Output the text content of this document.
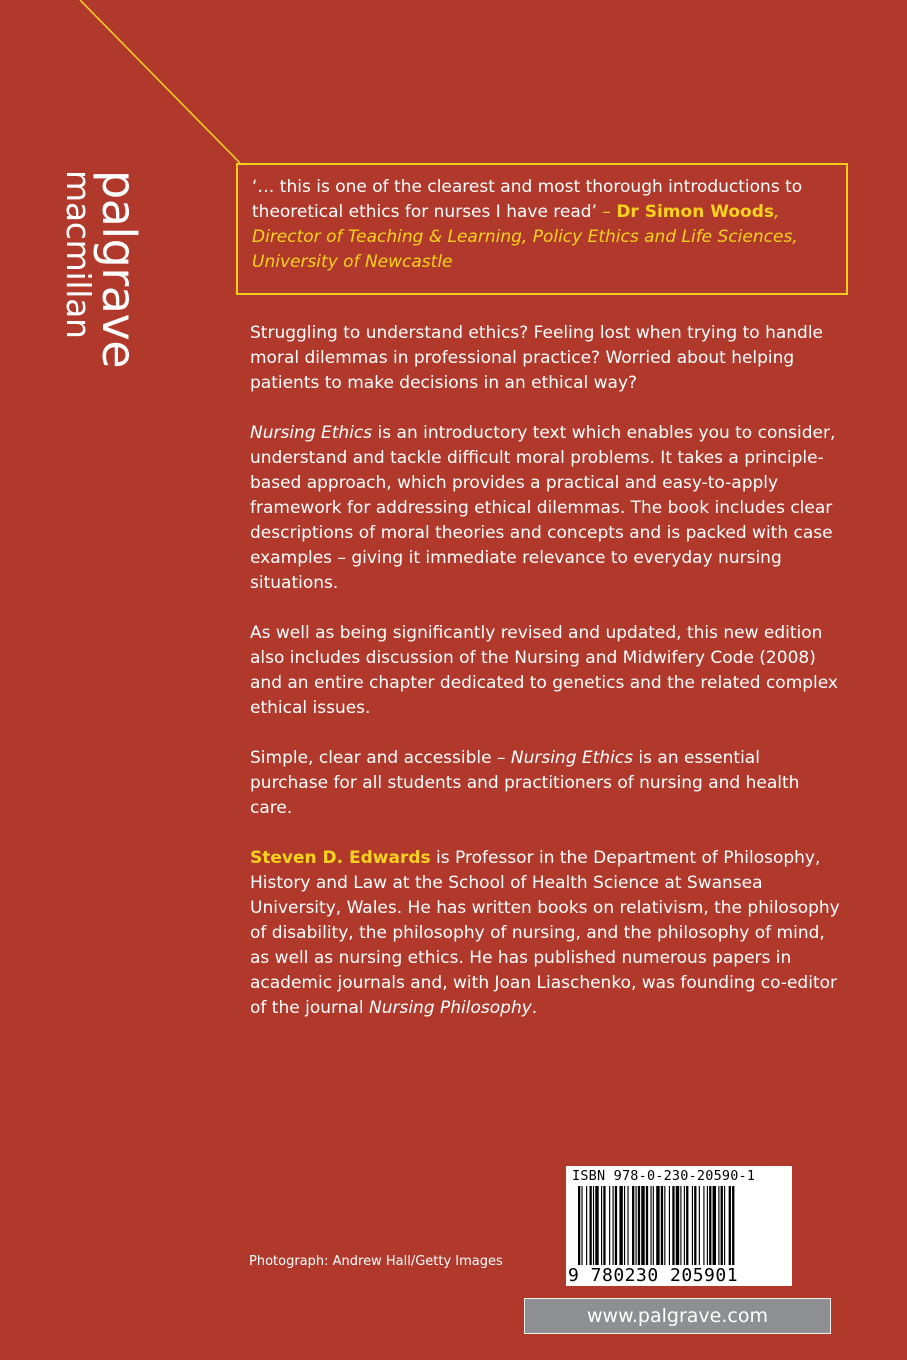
palgrave
macmillan	‘… this is one of the clearest and most thorough introductions to theoretical ethics for nurses I have read’ – Dr Simon Woods, Director of Teaching & Learning, Policy Ethics and Life Sciences, University of Newcastle

Struggling to understand ethics? Feeling lost when trying to handle moral dilemmas in professional practice? Worried about helping patients to make decisions in an ethical way?

Nursing Ethics is an introductory text which enables you to consider, understand and tackle difficult moral problems. It takes a principle-based approach, which provides a practical and easy-to-apply framework for addressing ethical dilemmas. The book includes clear descriptions of moral theories and concepts and is packed with case examples – giving it immediate relevance to everyday nursing situations.

As well as being significantly revised and updated, this new edition also includes discussion of the Nursing and Midwifery Code (2008) and an entire chapter dedicated to genetics and the related complex ethical issues.

Simple, clear and accessible – Nursing Ethics is an essential purchase for all students and practitioners of nursing and health care.

Steven D. Edwards is Professor in the Department of Philosophy, History and Law at the School of Health Science at Swansea University, Wales. He has written books on relativism, the philosophy of disability, the philosophy of nursing, and the philosophy of mind, as well as nursing ethics. He has published numerous papers in academic journals and, with Joan Liaschenko, was founding co-editor of the journal Nursing Philosophy.

ISBN 978-0-230-20590-1
9 780230 205901
Photograph: Andrew Hall/Getty Images
www.palgrave.com
